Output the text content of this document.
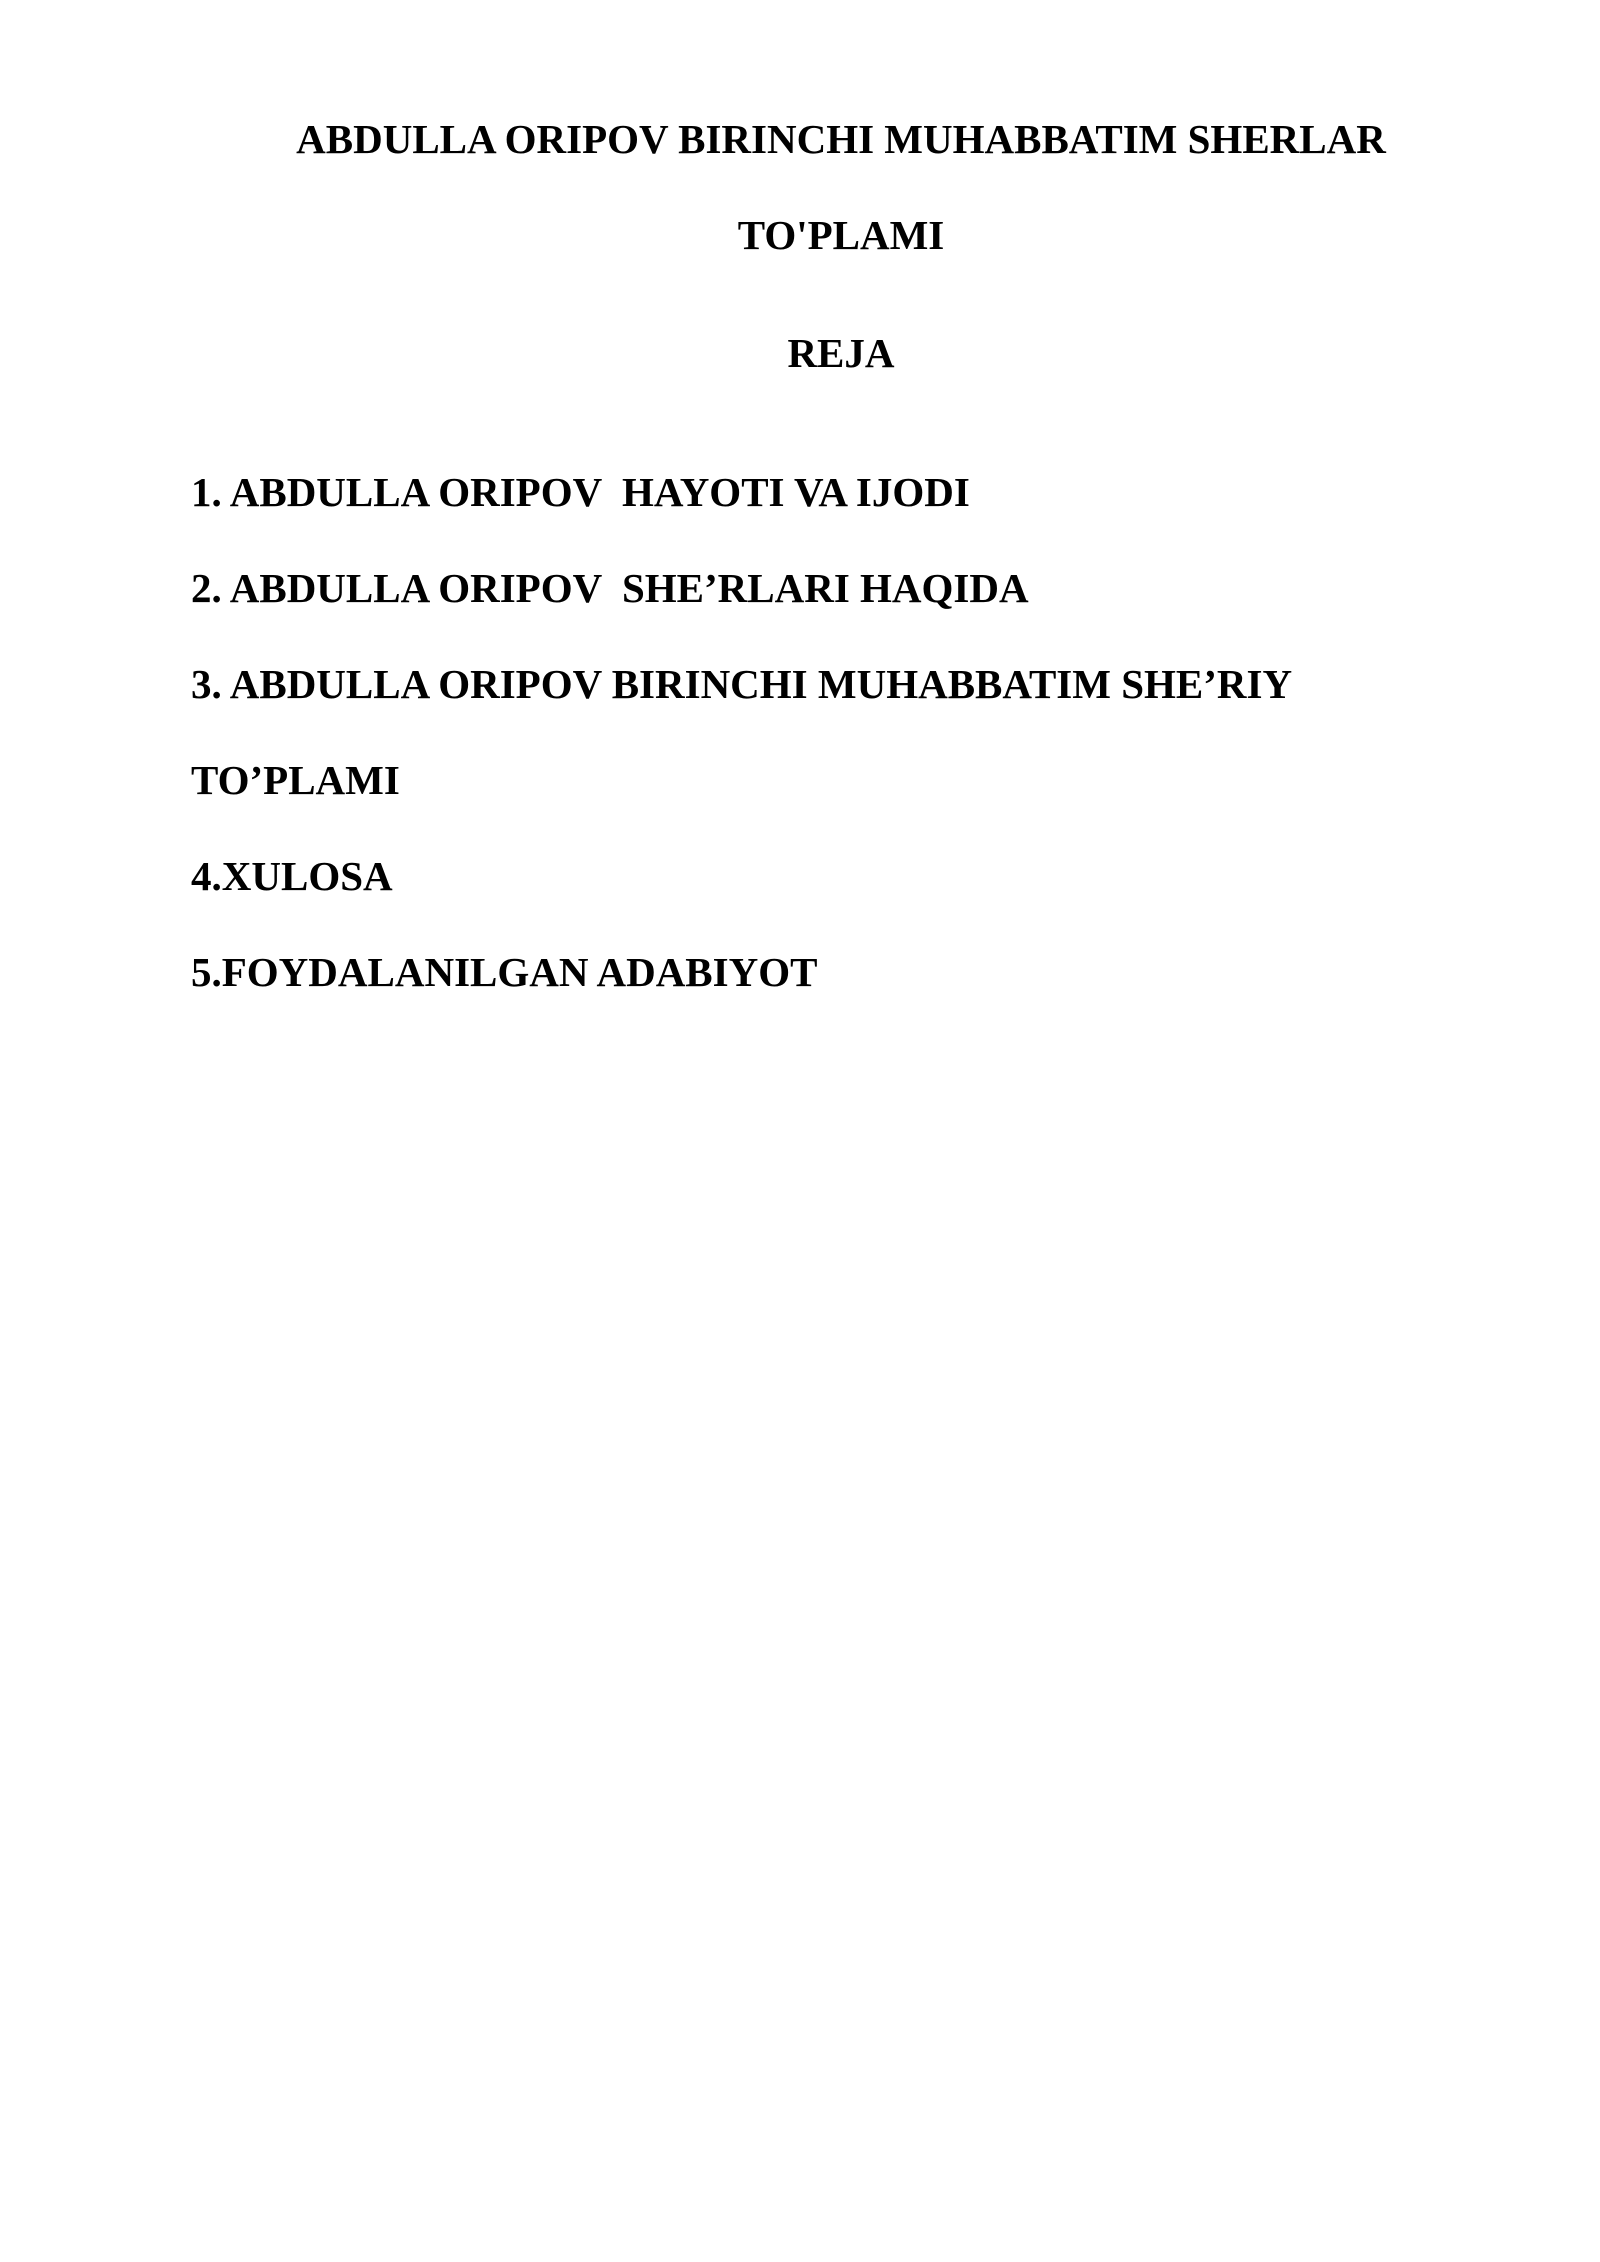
ABDULLA ORIPOV BIRINCHI MUHABBATIM SHERLAR
TO'PLAMI
REJA
1. ABDULLA ORIPOV  HAYOTI VA IJODI
2. ABDULLA ORIPOV  SHE’RLARI HAQIDA
3. ABDULLA ORIPOV BIRINCHI MUHABBATIM SHE’RIY
TO’PLAMI
4.XULOSA
5.FOYDALANILGAN ADABIYOT
